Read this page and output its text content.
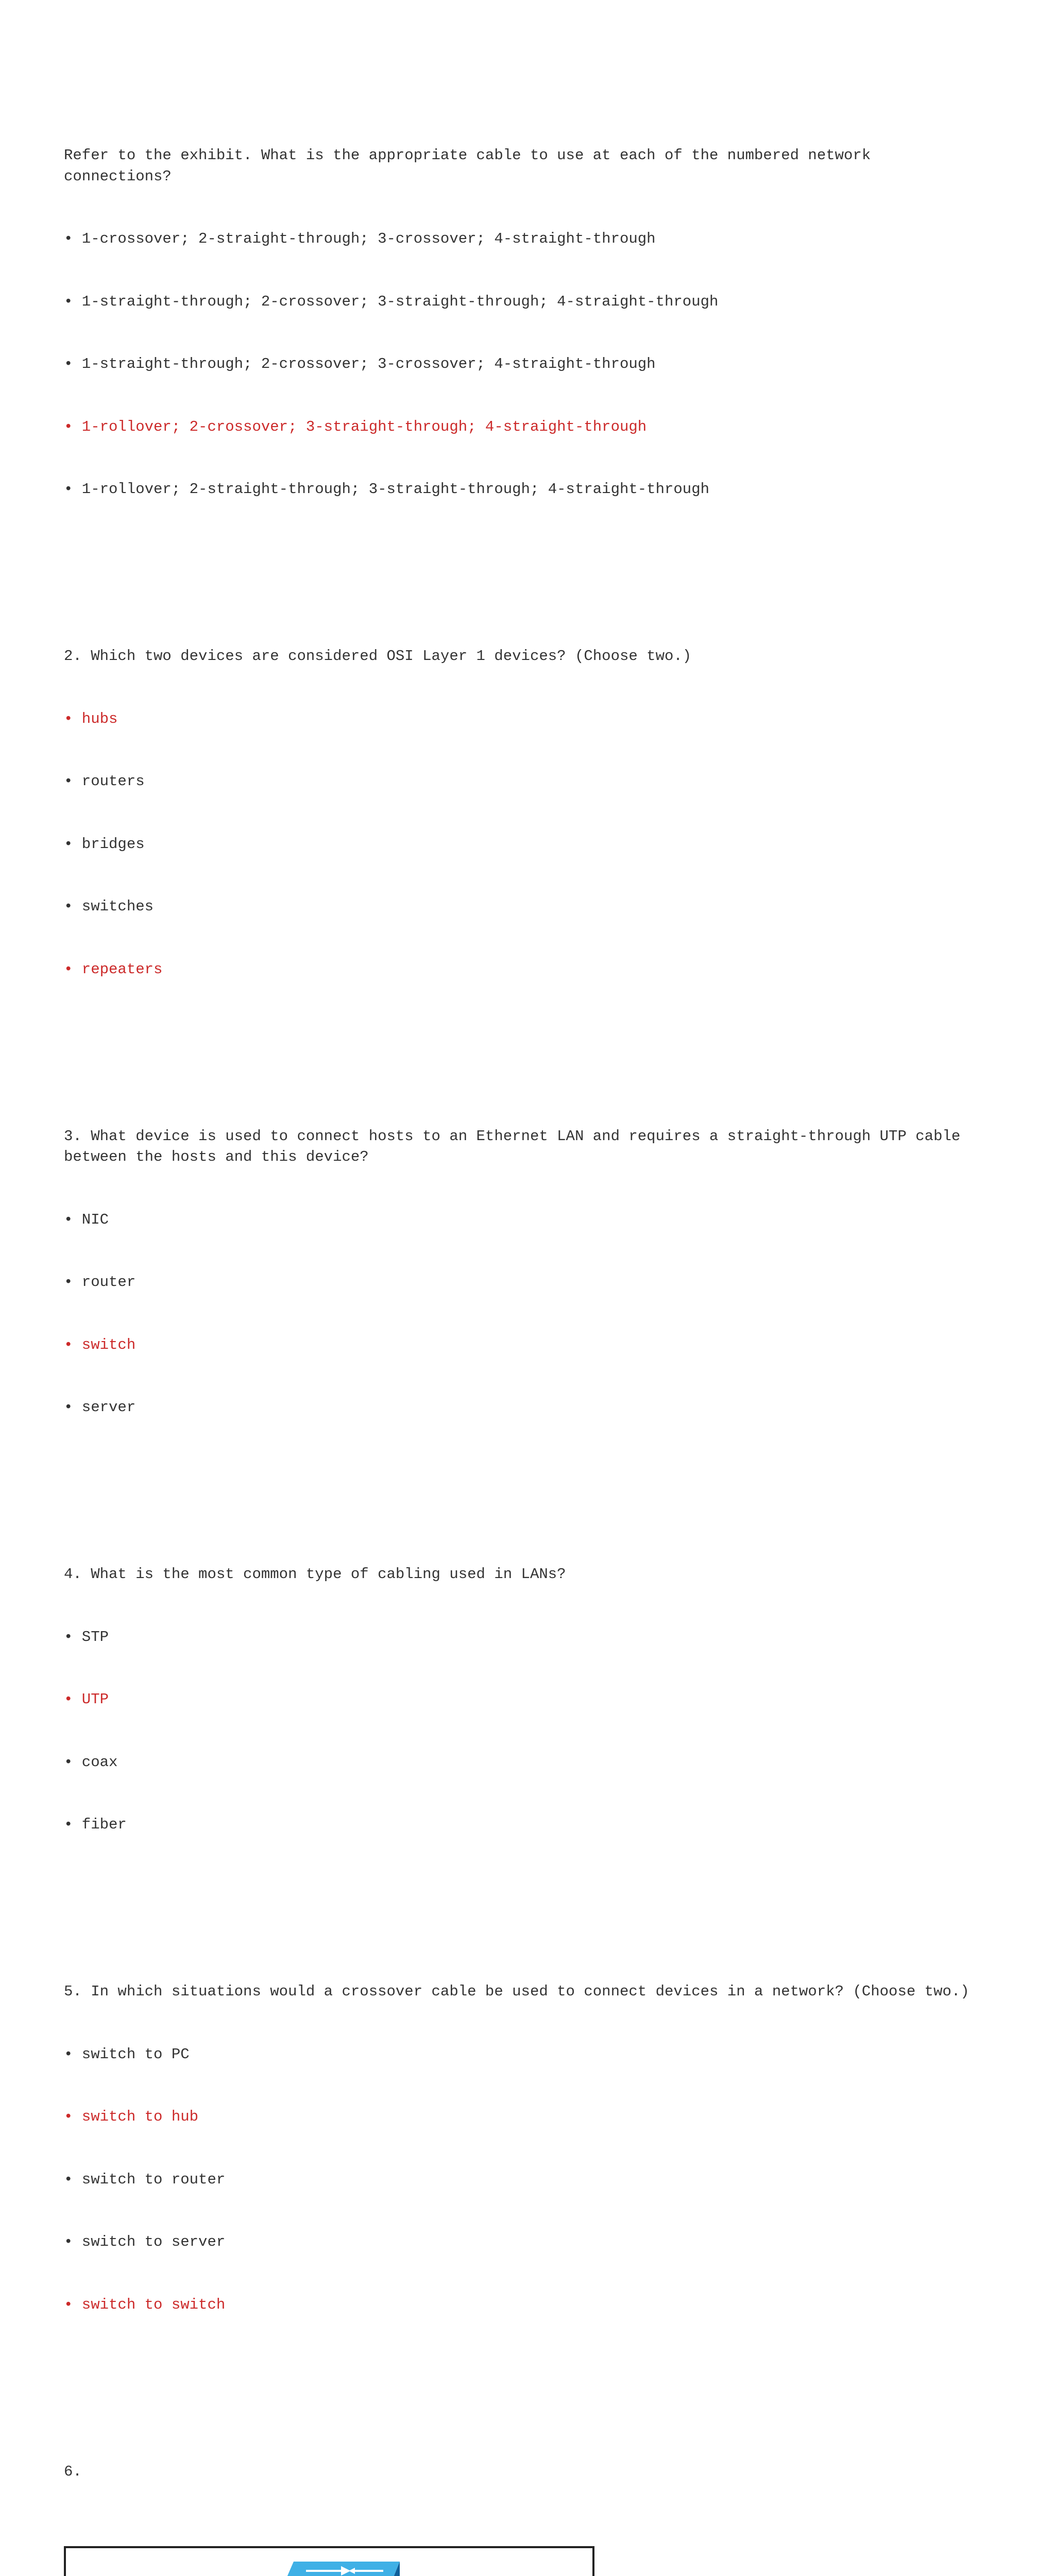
Refer to the exhibit. What is the appropriate cable to use at each of the numbered network connections?

• 1-crossover; 2-straight-through; 3-crossover; 4-straight-through

• 1-straight-through; 2-crossover; 3-straight-through; 4-straight-through

• 1-straight-through; 2-crossover; 3-crossover; 4-straight-through

• 1-rollover; 2-crossover; 3-straight-through; 4-straight-through

• 1-rollover; 2-straight-through; 3-straight-through; 4-straight-through

2. Which two devices are considered OSI Layer 1 devices? (Choose two.)

• hubs

• routers

• bridges

• switches

• repeaters

3. What device is used to connect hosts to an Ethernet LAN and requires a straight-through UTP cable between the hosts and this device?

• NIC

• router

• switch

• server

4. What is the most common type of cabling used in LANs?

• STP

• UTP

• coax

• fiber

5. In which situations would a crossover cable be used to connect devices in a network? (Choose two.)

• switch to PC

• switch to hub

• switch to router

• switch to server

• switch to switch

6.
